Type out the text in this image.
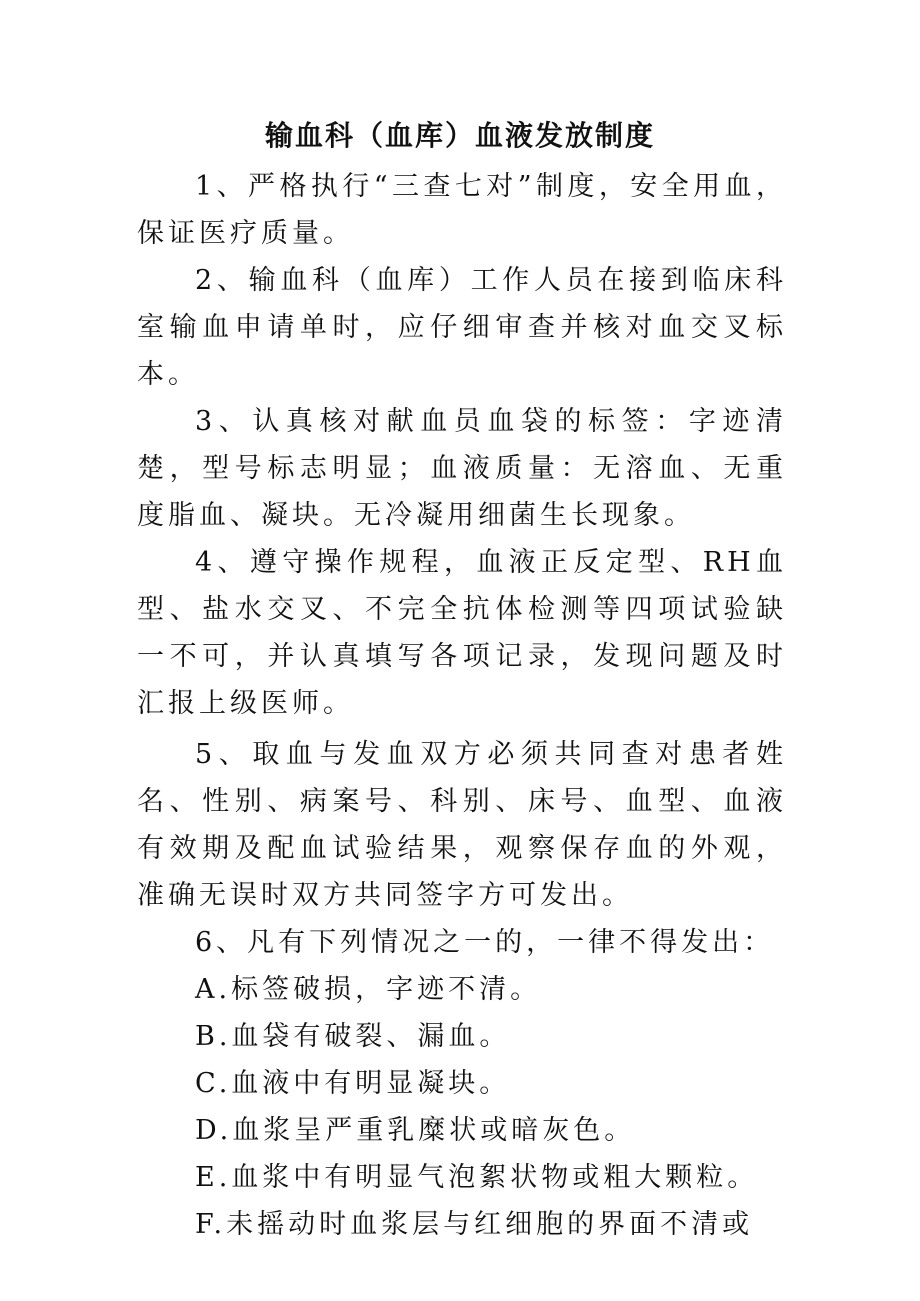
输血科（血库）血液发放制度

1、严格执行“三查七对”制度，安全用血，保证医疗质量。

2、输血科（血库）工作人员在接到临床科室输血申请单时，应仔细审查并核对血交叉标本。

3、认真核对献血员血袋的标签：字迹清楚，型号标志明显；血液质量：无溶血、无重度脂血、凝块。无冷凝用细菌生长现象。

4、遵守操作规程，血液正反定型、RH血型、盐水交叉、不完全抗体检测等四项试验缺一不可，并认真填写各项记录，发现问题及时汇报上级医师。

5、取血与发血双方必须共同查对患者姓名、性别、病案号、科别、床号、血型、血液有效期及配血试验结果，观察保存血的外观，准确无误时双方共同签字方可发出。

6、凡有下列情况之一的，一律不得发出：

A.标签破损，字迹不清。

B.血袋有破裂、漏血。

C.血液中有明显凝块。

D.血浆呈严重乳糜状或暗灰色。

E.血浆中有明显气泡絮状物或粗大颗粒。

F.未摇动时血浆层与红细胞的界面不清或
